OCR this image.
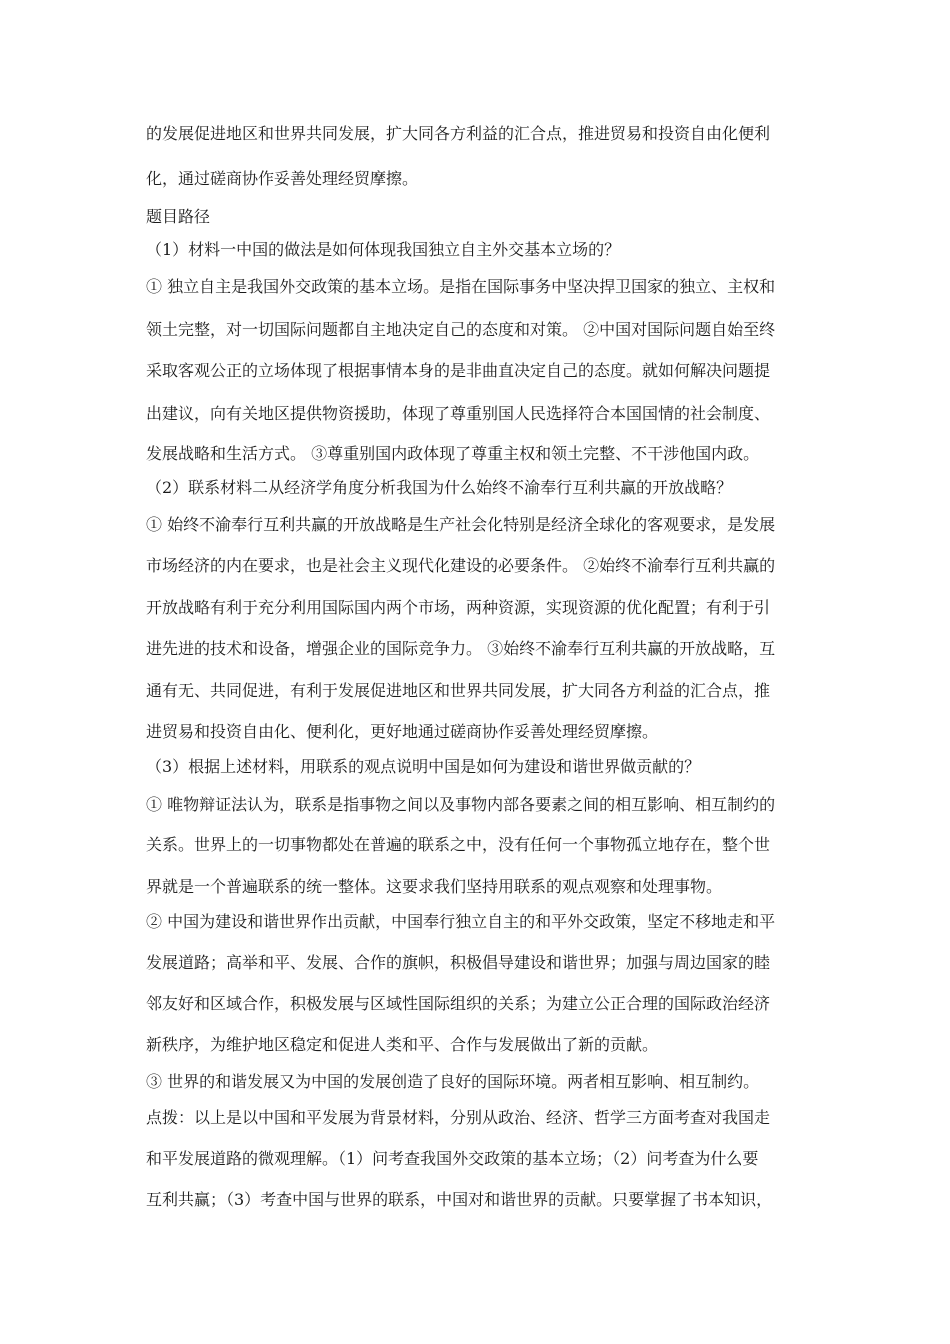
的发展促进地区和世界共同发展，扩大同各方利益的汇合点，推进贸易和投资自由化便利
化，通过磋商协作妥善处理经贸摩擦。
题目路径
（1）材料一中国的做法是如何体现我国独立自主外交基本立场的？
① 独立自主是我国外交政策的基本立场。是指在国际事务中坚决捍卫国家的独立、主权和
领土完整，对一切国际问题都自主地决定自己的态度和对策。 ②中国对国际问题自始至终
采取客观公正的立场体现了根据事情本身的是非曲直决定自己的态度。就如何解决问题提
出建议，向有关地区提供物资援助，体现了尊重别国人民选择符合本国国情的社会制度、
发展战略和生活方式。 ③尊重别国内政体现了尊重主权和领土完整、不干涉他国内政。
（2）联系材料二从经济学角度分析我国为什么始终不渝奉行互利共赢的开放战略？
① 始终不渝奉行互利共赢的开放战略是生产社会化特别是经济全球化的客观要求，是发展
市场经济的内在要求，也是社会主义现代化建设的必要条件。 ②始终不渝奉行互利共赢的
开放战略有利于充分利用国际国内两个市场，两种资源，实现资源的优化配置；有利于引
进先进的技术和设备，增强企业的国际竞争力。 ③始终不渝奉行互利共赢的开放战略，互
通有无、共同促进，有利于发展促进地区和世界共同发展，扩大同各方利益的汇合点，推
进贸易和投资自由化、便利化，更好地通过磋商协作妥善处理经贸摩擦。
（3）根据上述材料，用联系的观点说明中国是如何为建设和谐世界做贡献的？
① 唯物辩证法认为，联系是指事物之间以及事物内部各要素之间的相互影响、相互制约的
关系。世界上的一切事物都处在普遍的联系之中，没有任何一个事物孤立地存在，整个世
界就是一个普遍联系的统一整体。这要求我们坚持用联系的观点观察和处理事物。
② 中国为建设和谐世界作出贡献，中国奉行独立自主的和平外交政策，坚定不移地走和平
发展道路；高举和平、发展、合作的旗帜，积极倡导建设和谐世界；加强与周边国家的睦
邻友好和区域合作，积极发展与区域性国际组织的关系；为建立公正合理的国际政治经济
新秩序，为维护地区稳定和促进人类和平、合作与发展做出了新的贡献。
③ 世界的和谐发展又为中国的发展创造了良好的国际环境。两者相互影响、相互制约。
点拨：以上是以中国和平发展为背景材料，分别从政治、经济、哲学三方面考查对我国走
和平发展道路的微观理解。（1）问考查我国外交政策的基本立场；（2）问考查为什么要
互利共赢；（3）考查中国与世界的联系，中国对和谐世界的贡献。只要掌握了书本知识，
